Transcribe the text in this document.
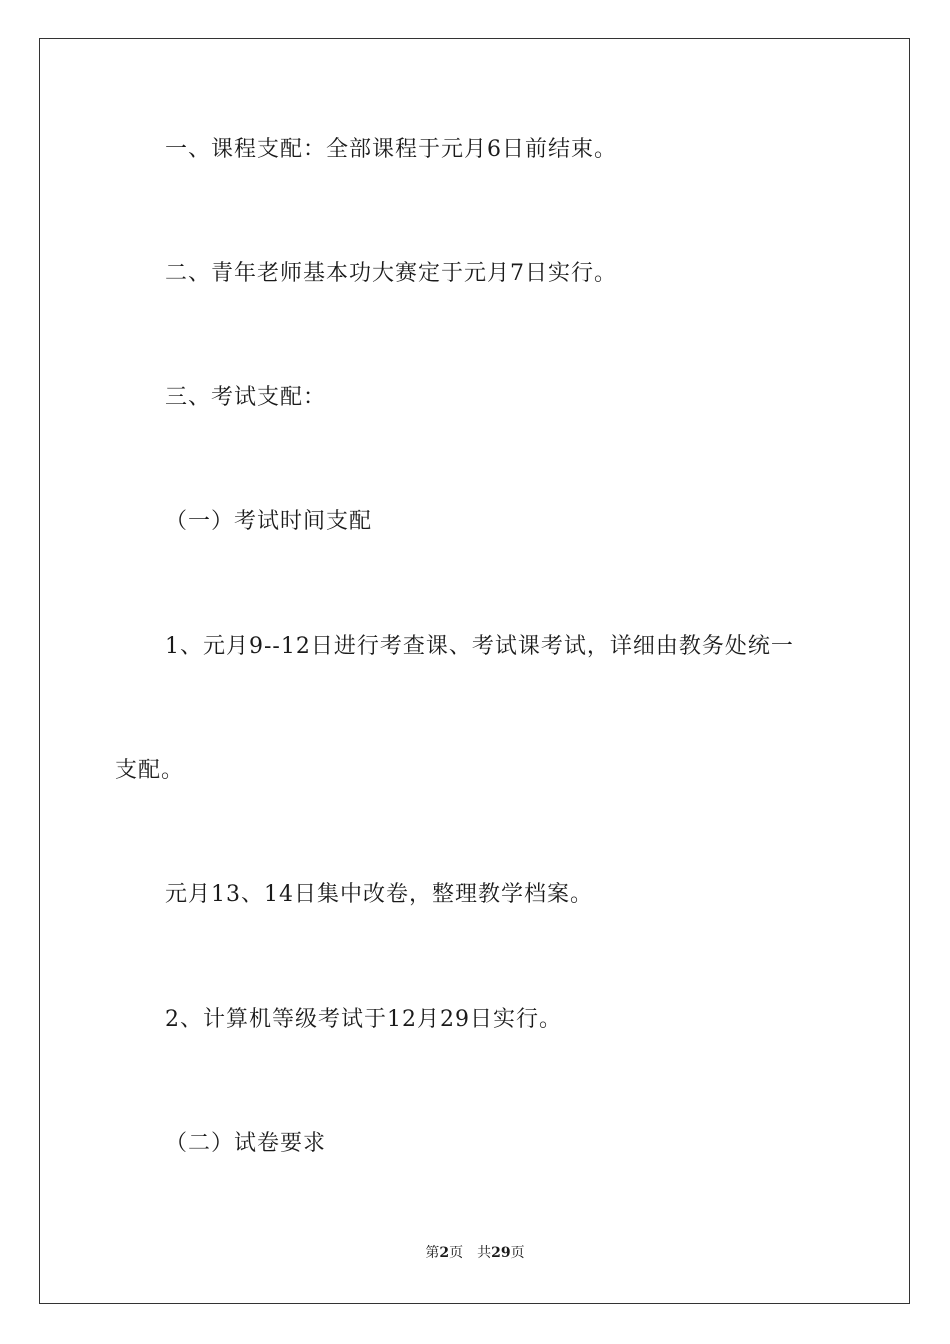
一、课程支配：全部课程于元月6日前结束。
二、青年老师基本功大赛定于元月7日实行。
三、考试支配：
（一）考试时间支配
1、元月9--12日进行考查课、考试课考试，详细由教务处统一
支配。
元月13、14日集中改卷，整理教学档案。
2、计算机等级考试于12月29日实行。
（二）试卷要求
第2页 共29页
